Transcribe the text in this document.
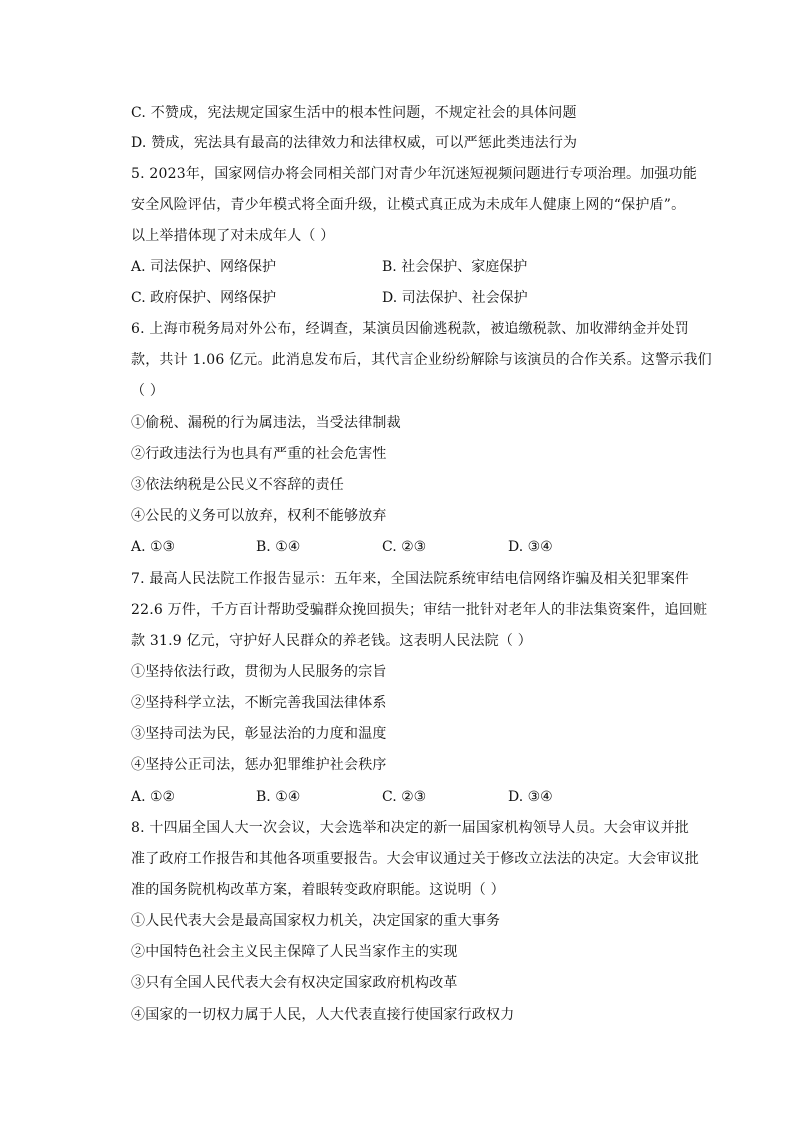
C. 不赞成，宪法规定国家生活中的根本性问题，不规定社会的具体问题
D. 赞成，宪法具有最高的法律效力和法律权威，可以严惩此类违法行为
5. 2023年，国家网信办将会同相关部门对青少年沉迷短视频问题进行专项治理。加强功能
安全风险评估，青少年模式将全面升级，让模式真正成为未成年人健康上网的“保护盾”。
以上举措体现了对未成年人（ ）
A. 司法保护、网络保护	B. 社会保护、家庭保护
C. 政府保护、网络保护	D. 司法保护、社会保护
6. 上海市税务局对外公布，经调查，某演员因偷逃税款，被追缴税款、加收滞纳金并处罚
款，共计 1.06 亿元。此消息发布后，其代言企业纷纷解除与该演员的合作关系。这警示我们
（ ）
①偷税、漏税的行为属违法，当受法律制裁
②行政违法行为也具有严重的社会危害性
③依法纳税是公民义不容辞的责任
④公民的义务可以放弃，权利不能够放弃
A. ①③	B. ①④	C. ②③	D. ③④
7. 最高人民法院工作报告显示：五年来，全国法院系统审结电信网络诈骗及相关犯罪案件
22.6 万件，千方百计帮助受骗群众挽回损失；审结一批针对老年人的非法集资案件，追回赃
款 31.9 亿元，守护好人民群众的养老钱。这表明人民法院（ ）
①坚持依法行政，贯彻为人民服务的宗旨
②坚持科学立法，不断完善我国法律体系
③坚持司法为民，彰显法治的力度和温度
④坚持公正司法，惩办犯罪维护社会秩序
A. ①②	B. ①④	C. ②③	D. ③④
8. 十四届全国人大一次会议，大会选举和决定的新一届国家机构领导人员。大会审议并批
准了政府工作报告和其他各项重要报告。大会审议通过关于修改立法法的决定。大会审议批
准的国务院机构改革方案，着眼转变政府职能。这说明（ ）
①人民代表大会是最高国家权力机关，决定国家的重大事务
②中国特色社会主义民主保障了人民当家作主的实现
③只有全国人民代表大会有权决定国家政府机构改革
④国家的一切权力属于人民，人大代表直接行使国家行政权力
